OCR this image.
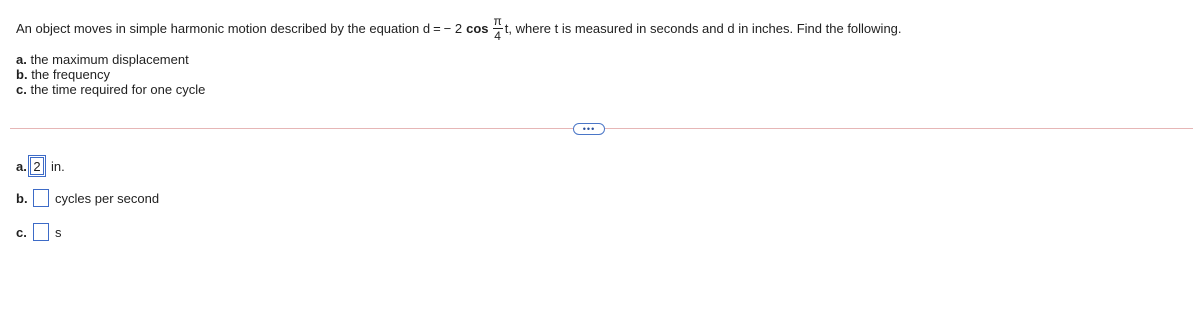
An object moves in simple harmonic motion described by the equation d = − 2 $\cos \frac{\pi}{4}$ t , where t is measured in seconds and d in inches. Find the following.
a. the maximum displacement
b. the frequency
c. the time required for one cycle
•••
a. 2 in.
b. cycles per second
c. s
